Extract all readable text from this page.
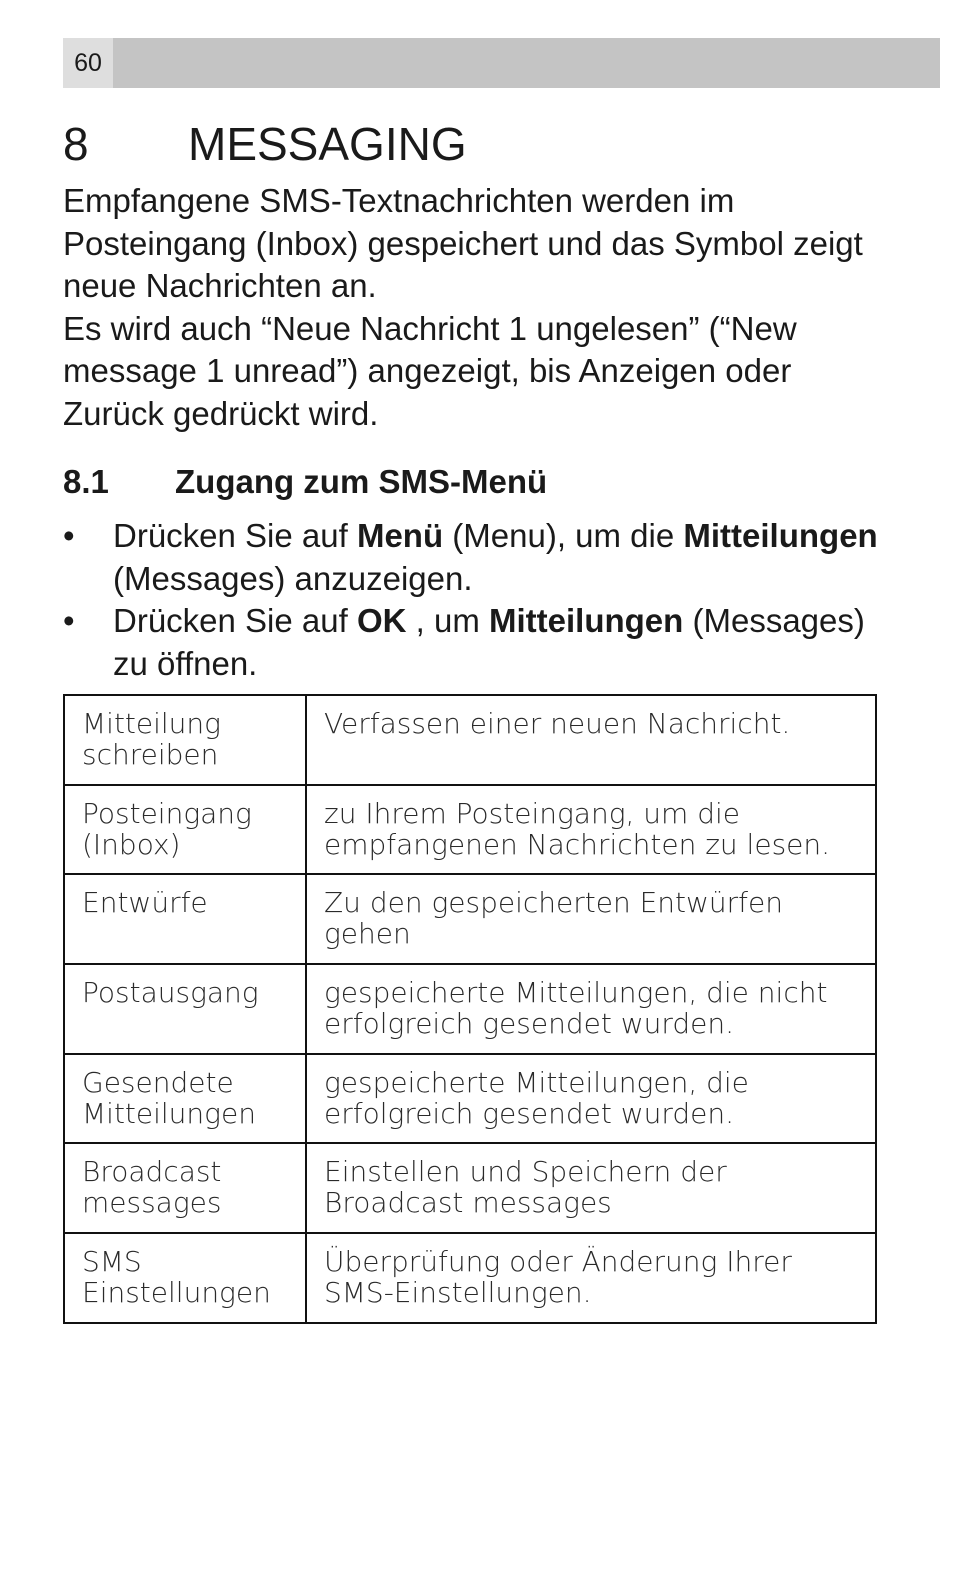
60
8 MESSAGING

Empfangene SMS-Textnachrichten werden im Posteingang (Inbox) gespeichert und das Symbol zeigt neue Nachrichten an.

Es wird auch “Neue Nachricht 1 ungelesen” (“New message 1 unread”) angezeigt, bis Anzeigen oder Zurück gedrückt wird.

8.1 Zugang zum SMS-Menü
• Drücken Sie auf Menü (Menu), um die Mitteilungen (Messages) anzuzeigen.
• Drücken Sie auf OK , um Mitteilungen (Messages) zu öffnen.
Mitteilung schreiben	Verfassen einer neuen Nachricht.
Posteingang (Inbox)	zu Ihrem Posteingang, um die empfangenen Nachrichten zu lesen.
Entwürfe	Zu den gespeicherten Entwürfen gehen
Postausgang	gespeicherte Mitteilungen, die nicht erfolgreich gesendet wurden.
Gesendete Mitteilungen	gespeicherte Mitteilungen, die erfolgreich gesendet wurden.
Broadcast messages	Einstellen und Speichern der Broadcast messages
SMS Einstellungen	Überprüfung oder Änderung Ihrer SMS-Einstellungen.
